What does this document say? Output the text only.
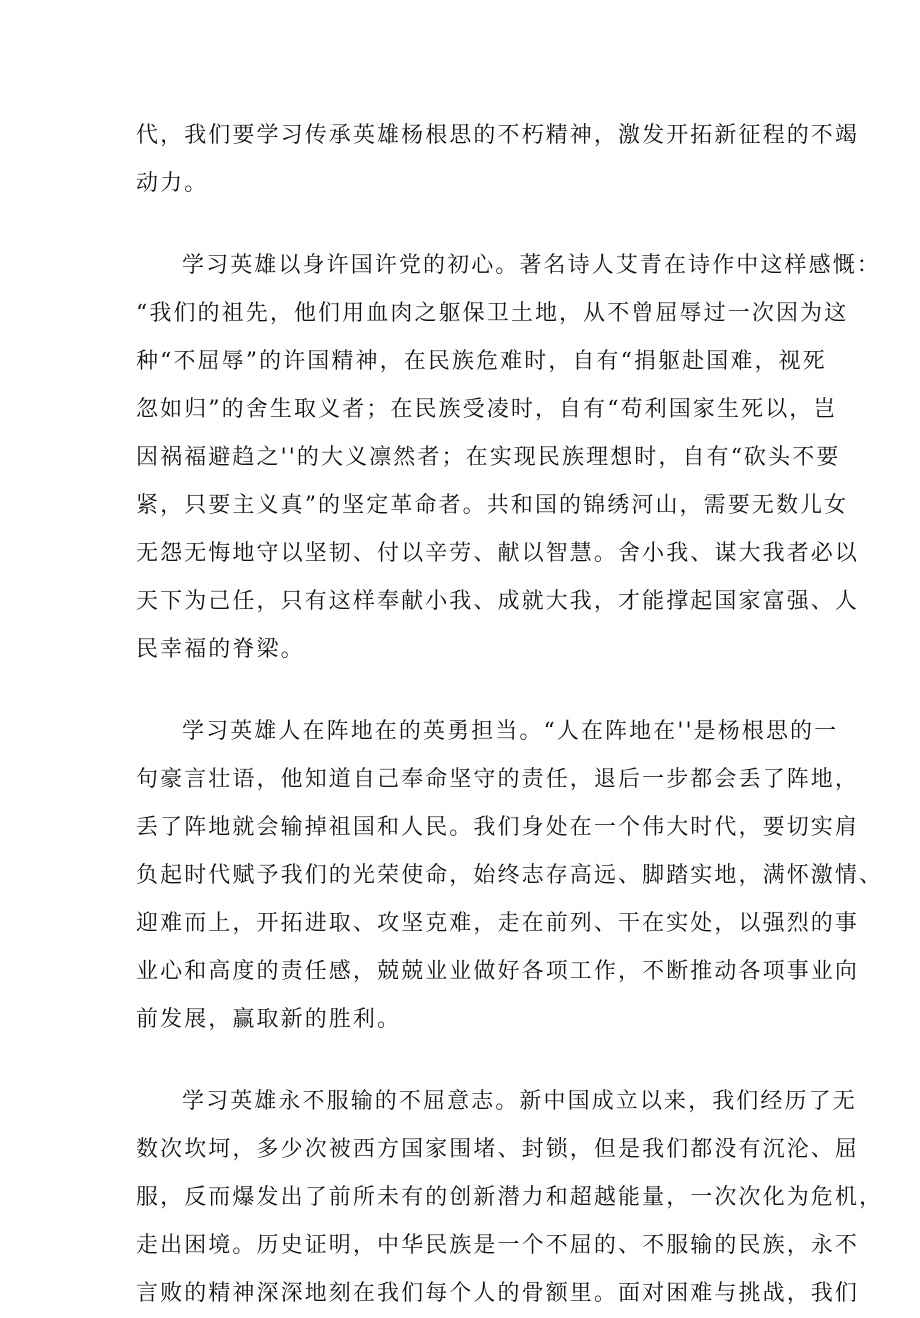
代，我们要学习传承英雄杨根思的不朽精神，激发开拓新征程的不竭
动力。
学习英雄以身许国许党的初心。著名诗人艾青在诗作中这样感慨：
“我们的祖先，他们用血肉之躯保卫土地，从不曾屈辱过一次因为这
种“不屈辱”的许国精神，在民族危难时，自有“捐躯赴国难，视死
忽如归”的舍生取义者；在民族受凌时，自有“苟利国家生死以，岂
因祸福避趋之''的大义凛然者；在实现民族理想时，自有“砍头不要
紧，只要主义真”的坚定革命者。共和国的锦绣河山，需要无数儿女
无怨无悔地守以坚韧、付以辛劳、献以智慧。舍小我、谋大我者必以
天下为己任，只有这样奉献小我、成就大我，才能撑起国家富强、人
民幸福的脊梁。
学习英雄人在阵地在的英勇担当。“人在阵地在''是杨根思的一
句豪言壮语，他知道自己奉命坚守的责任，退后一步都会丢了阵地，
丢了阵地就会输掉祖国和人民。我们身处在一个伟大时代，要切实肩
负起时代赋予我们的光荣使命，始终志存高远、脚踏实地，满怀激情、
迎难而上，开拓进取、攻坚克难，走在前列、干在实处，以强烈的事
业心和高度的责任感，兢兢业业做好各项工作，不断推动各项事业向
前发展，赢取新的胜利。
学习英雄永不服输的不屈意志。新中国成立以来，我们经历了无
数次坎坷，多少次被西方国家围堵、封锁，但是我们都没有沉沦、屈
服，反而爆发出了前所未有的创新潜力和超越能量，一次次化为危机，
走出困境。历史证明，中华民族是一个不屈的、不服输的民族，永不
言败的精神深深地刻在我们每个人的骨额里。面对困难与挑战，我们
